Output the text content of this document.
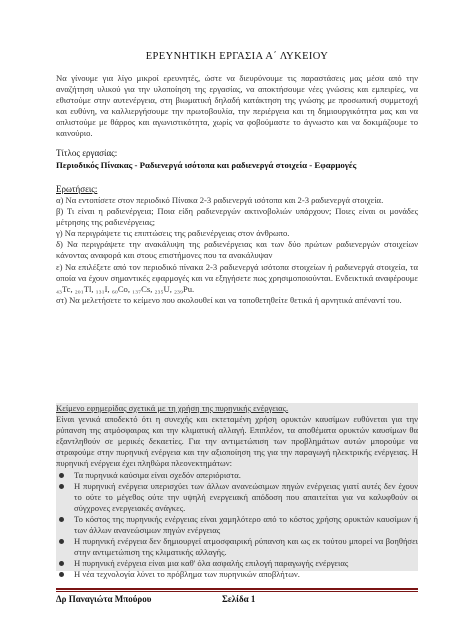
ΕΡΕΥΝΗΤΙΚΗ ΕΡΓΑΣΙΑ Α΄ ΛΥΚΕΙΟΥ
Να γίνουμε για λίγο μικροί ερευνητές, ώστε να διευρύνουμε τις παραστάσεις μας μέσα από την αναζήτηση υλικού για την υλοποίηση της εργασίας, να αποκτήσουμε νέες γνώσεις και εμπειρίες, να εθιστούμε στην αυτενέργεια, στη βιωματική δηλαδή κατάκτηση της γνώσης με προσωπική συμμετοχή και ευθύνη, να καλλιεργήσουμε την πρωτοβουλία, την περιέργεια και τη δημιουργικότητα μας και να οπλιστούμε με θάρρος και αγωνιστικότητα, χωρίς να φοβούμαστε το άγνωστο και να δοκιμάζουμε το καινούριο.
Τίτλος εργασίας:
Περιοδικός Πίνακας - Ραδιενεργά ισότοπα και ραδιενεργά στοιχεία - Εφαρμογές
Ερωτήσεις:

α) Να εντοπίσετε στον περιοδικό Πίνακα 2-3 ραδιενεργά ισότοπα και 2-3 ραδιενεργά στοιχεία.

β) Τι είναι η ραδιενέργεια; Ποια είδη ραδιενεργών ακτινοβολιών υπάρχουν; Ποιες είναι οι μονάδες μέτρησης της ραδιενέργειας;

γ) Να περιγράψετε τις επιπτώσεις της ραδιενέργειας στον άνθρωπο.

δ) Να περιγράψετε την ανακάλυψη της ραδιενέργειας και των δύο πρώτων ραδιενεργών στοιχείων κάνοντας αναφορά και στους επιστήμονες που τα ανακάλυψαν

ε) Να επιλέξετε από τον περιοδικό πίνακα 2-3 ραδιενεργά ισότοπα στοιχείων ή ραδιενεργά στοιχεία, τα οποία να έχουν σημαντικές εφαρμογές και να εξηγήσετε πως χρησιμοποιούνται. Ενδεικτικά αναφέρουμε ₄₃Tc, ₂₀₁Tl, ₁₃₁I, ₆₀Co, ₁₃₇Cs, ₂₃₅U, ₂₃₉Pu.

στ) Να μελετήσετε το κείμενο που ακολουθεί και να τοποθετηθείτε θετικά ή αρνητικά απέναντί του.

Κείμενο εφημερίδας σχετικά με τη χρήση της πυρηνικής ενέργειας.
Είναι γενικά αποδεκτό ότι η συνεχής και εκτεταμένη χρήση ορυκτών καυσίμων ευθύνεται για την ρύπανση της ατμόσφαιρας και την κλιματική αλλαγή. Επιπλέον, τα αποθέματα ορυκτών καυσίμων θα εξαντληθούν σε μερικές δεκαετίες. Για την αντιμετώπιση των προβλημάτων αυτών μπορούμε να στραφούμε στην πυρηνική ενέργεια και την αξιοποίηση της για την παραγωγή ηλεκτρικής ενέργειας. Η πυρηνική ενέργεια έχει πληθώρα πλεονεκτημάτων:
Τα πυρηνικά καύσιμα είναι σχεδόν απεριόριστα.
Η πυρηνική ενέργεια υπερισχύει των άλλων ανανεώσιμων πηγών ενέργειας γιατί αυτές δεν έχουν το ούτε το μέγεθος ούτε την υψηλή ενεργειακή απόδοση που απαιτείται για να καλυφθούν οι σύγχρονες ενεργειακές ανάγκες.
Το κόστος της πυρηνικής ενέργειας είναι χαμηλότερο από το κόστος χρήσης ορυκτών καυσίμων ή των άλλων ανανεώσιμων πηγών ενέργειας
Η πυρηνική ενέργεια δεν δημιουργεί ατμοσφαιρική ρύπανση και ως εκ τούτου μπορεί να βοηθήσει στην αντιμετώπιση της κλιματικής αλλαγής.
Η πυρηνική ενέργεια είναι μια καθ' όλα ασφαλής επιλογή παραγωγής ενέργειας
Η νέα τεχνολογία λύνει το πρόβλημα των πυρηνικών αποβλήτων.
Δρ Παναγιώτα Μπούρου	Σελίδα 1
